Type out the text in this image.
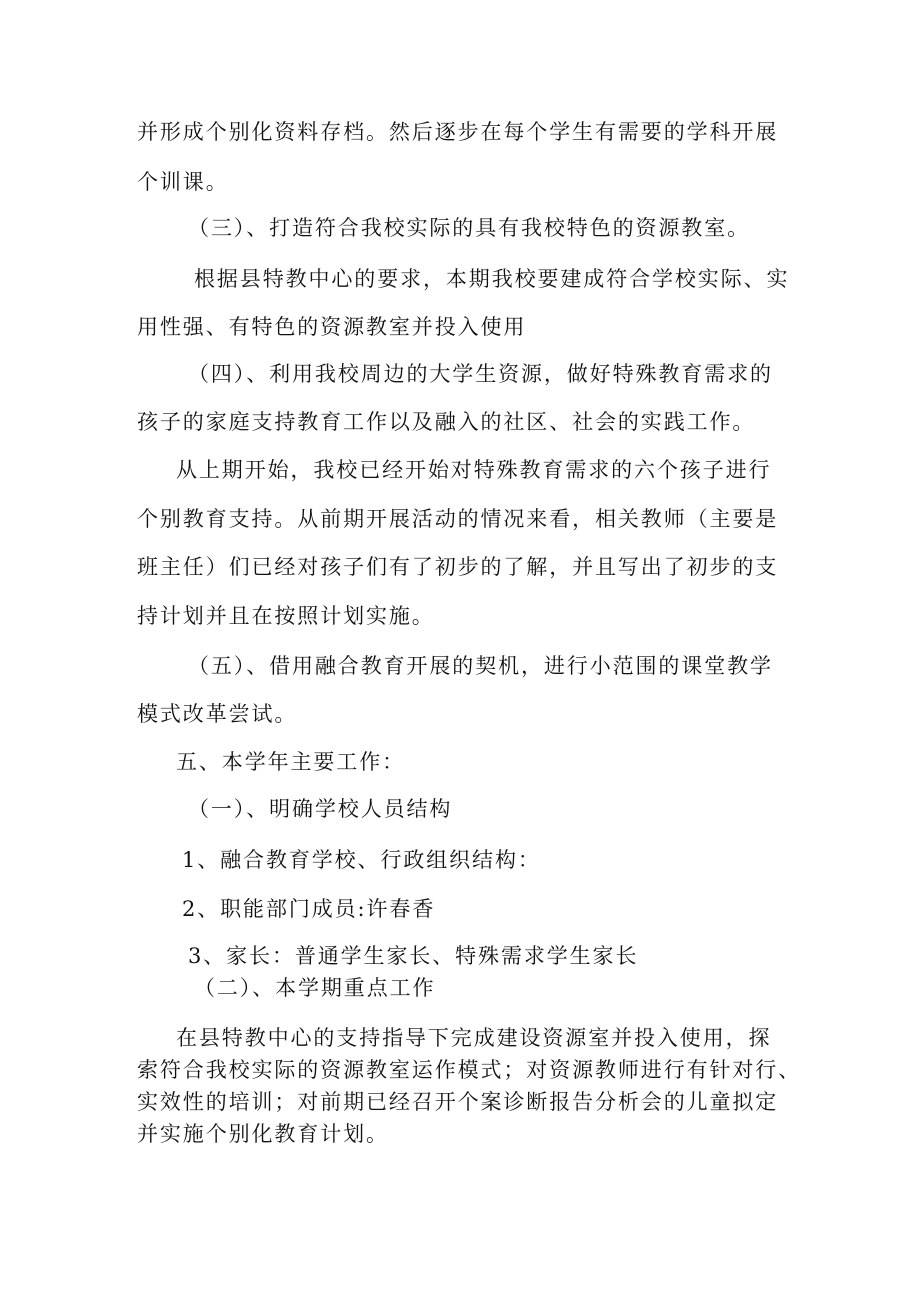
并形成个别化资料存档。然后逐步在每个学生有需要的学科开展
个训课。
（三）、打造符合我校实际的具有我校特色的资源教室。
根据县特教中心的要求，本期我校要建成符合学校实际、实
用性强、有特色的资源教室并投入使用
（四）、利用我校周边的大学生资源，做好特殊教育需求的
孩子的家庭支持教育工作以及融入的社区、社会的实践工作。
从上期开始，我校已经开始对特殊教育需求的六个孩子进行
个别教育支持。从前期开展活动的情况来看，相关教师（主要是
班主任）们已经对孩子们有了初步的了解，并且写出了初步的支
持计划并且在按照计划实施。
（五）、借用融合教育开展的契机，进行小范围的课堂教学
模式改革尝试。
五、本学年主要工作：
（一）、明确学校人员结构
1、融合教育学校、行政组织结构：
2、职能部门成员:许春香
3、家长：普通学生家长、特殊需求学生家长
（二）、本学期重点工作
在县特教中心的支持指导下完成建设资源室并投入使用，探
索符合我校实际的资源教室运作模式；对资源教师进行有针对行、
实效性的培训；对前期已经召开个案诊断报告分析会的儿童拟定
并实施个别化教育计划。
